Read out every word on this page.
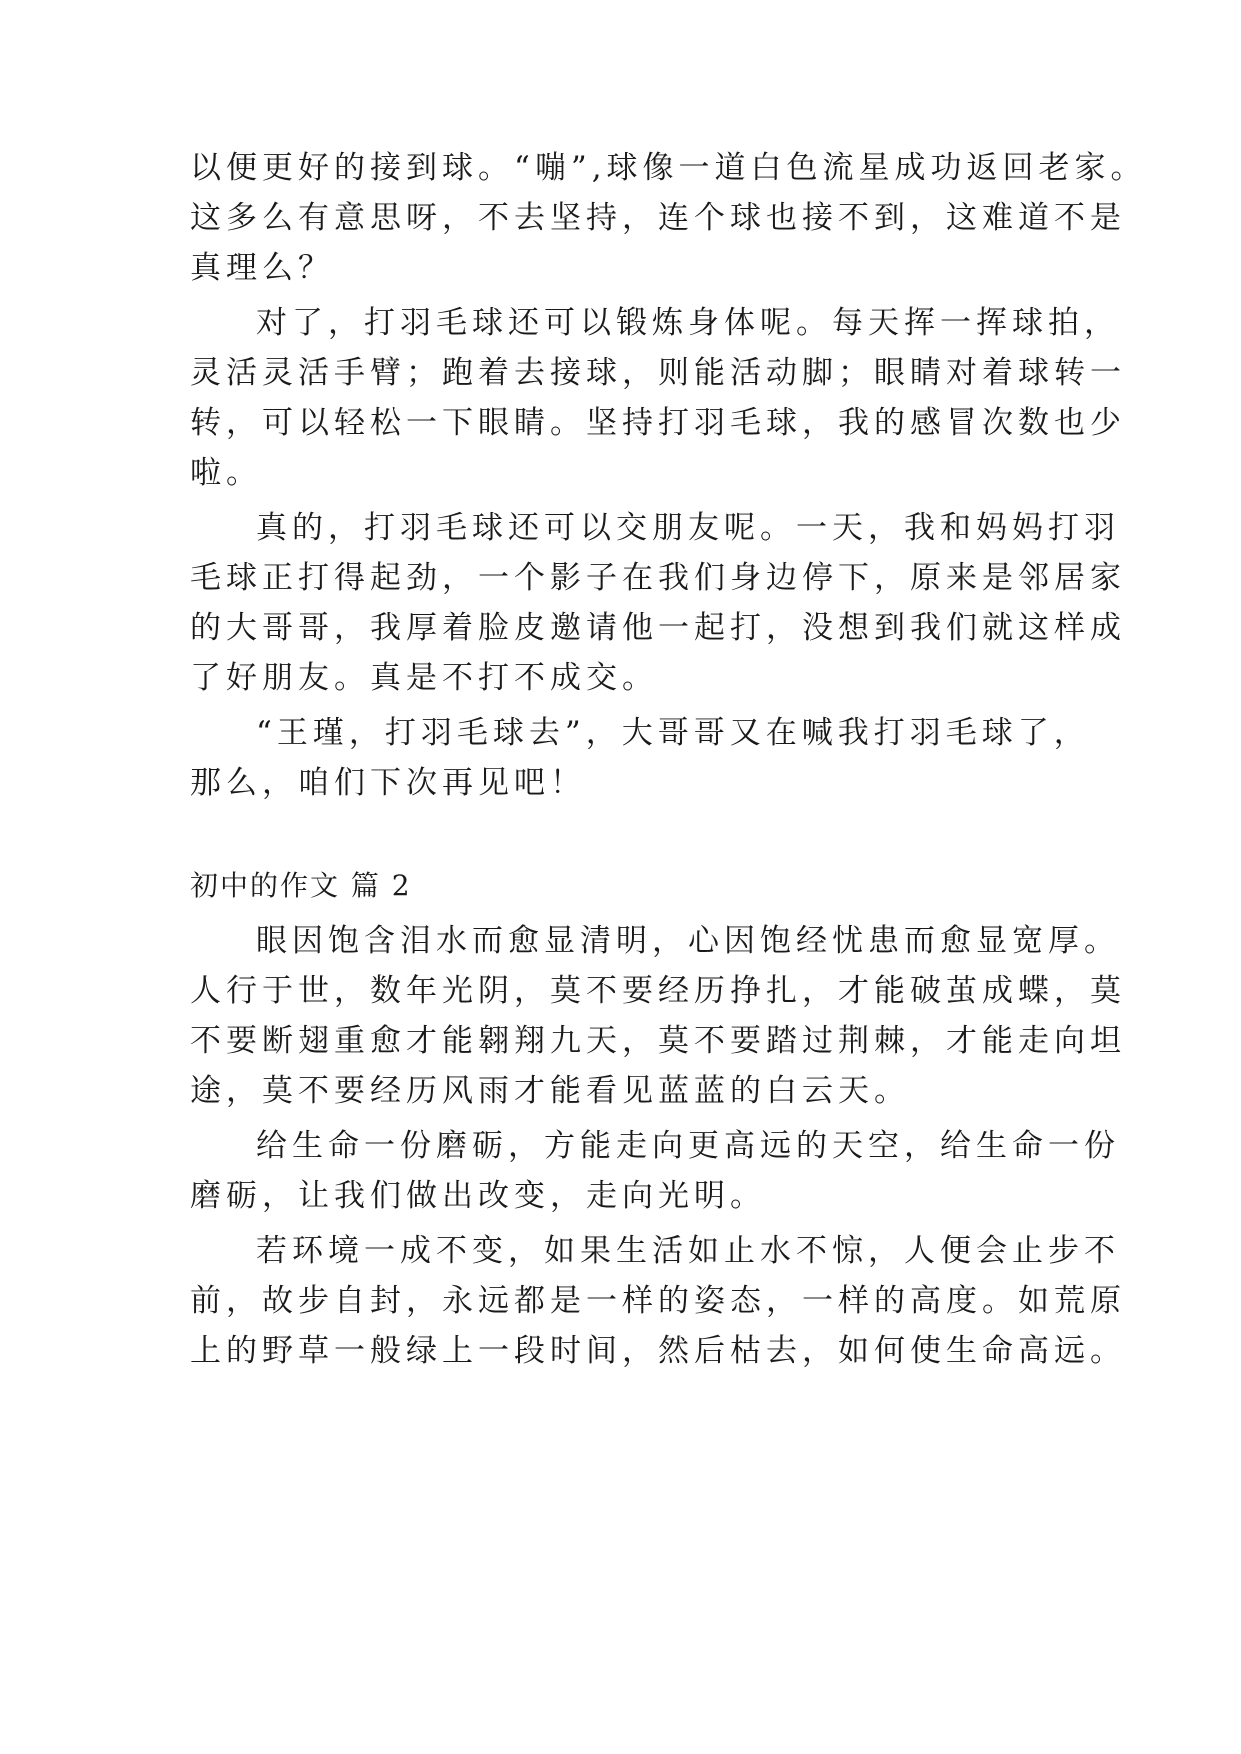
以便更好的接到球。“嘣”,球像一道白色流星成功返回老家。
这多么有意思呀，不去坚持，连个球也接不到，这难道不是
真理么？
对了，打羽毛球还可以锻炼身体呢。每天挥一挥球拍，
灵活灵活手臂；跑着去接球，则能活动脚；眼睛对着球转一
转，可以轻松一下眼睛。坚持打羽毛球，我的感冒次数也少
啦。
真的，打羽毛球还可以交朋友呢。一天，我和妈妈打羽
毛球正打得起劲，一个影子在我们身边停下，原来是邻居家
的大哥哥，我厚着脸皮邀请他一起打，没想到我们就这样成
了好朋友。真是不打不成交。
“王瑾，打羽毛球去”，大哥哥又在喊我打羽毛球了，
那么，咱们下次再见吧！
初中的作文 篇 2
眼因饱含泪水而愈显清明，心因饱经忧患而愈显宽厚。
人行于世，数年光阴，莫不要经历挣扎，才能破茧成蝶，莫
不要断翅重愈才能翱翔九天，莫不要踏过荆棘，才能走向坦
途，莫不要经历风雨才能看见蓝蓝的白云天。
给生命一份磨砺，方能走向更高远的天空，给生命一份
磨砺，让我们做出改变，走向光明。
若环境一成不变，如果生活如止水不惊，人便会止步不
前，故步自封，永远都是一样的姿态，一样的高度。如荒原
上的野草一般绿上一段时间，然后枯去，如何使生命高远。
